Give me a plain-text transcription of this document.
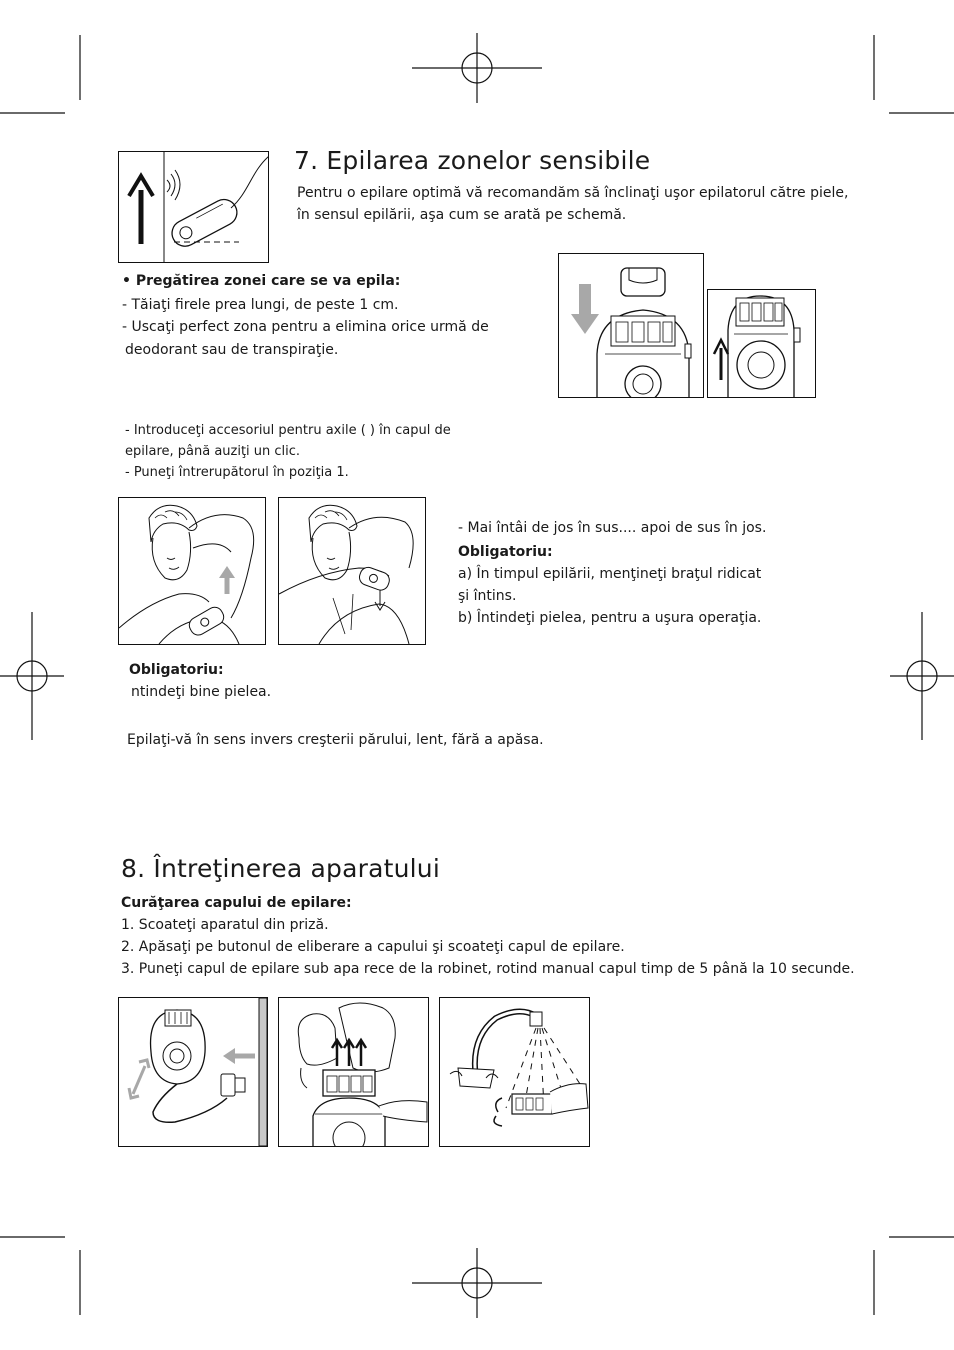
7. Epilarea zonelor sensibile
Pentru o epilare optimă vă recomandăm să înclinaţi uşor epilatorul către piele,
în sensul epilării, aşa cum se arată pe schemă.
• Pregătirea zonei care se va epila:
- Tăiaţi firele prea lungi, de peste 1 cm.
- Uscaţi perfect zona pentru a elimina orice urmă de
deodorant sau de transpiraţie.
- Introduceţi accesoriul pentru axile ( ) în capul de
epilare, până auziţi un clic.
- Puneţi întrerupătorul în poziţia 1.
- Mai întâi de jos în sus.... apoi de sus în jos.
Obligatoriu:
a) În timpul epilării, menţineţi braţul ridicat
şi întins.
b) Întindeţi pielea, pentru a uşura operaţia.
Obligatoriu:
ntindeţi bine pielea.
Epilaţi-vă în sens invers creşterii părului, lent, fără a apăsa.
8. Întreţinerea aparatului
Curăţarea capului de epilare:
1. Scoateţi aparatul din priză.
2. Apăsaţi pe butonul de eliberare a capului şi scoateţi capul de epilare.
3. Puneţi capul de epilare sub apa rece de la robinet, rotind manual capul timp de 5 până la 10 secunde.
